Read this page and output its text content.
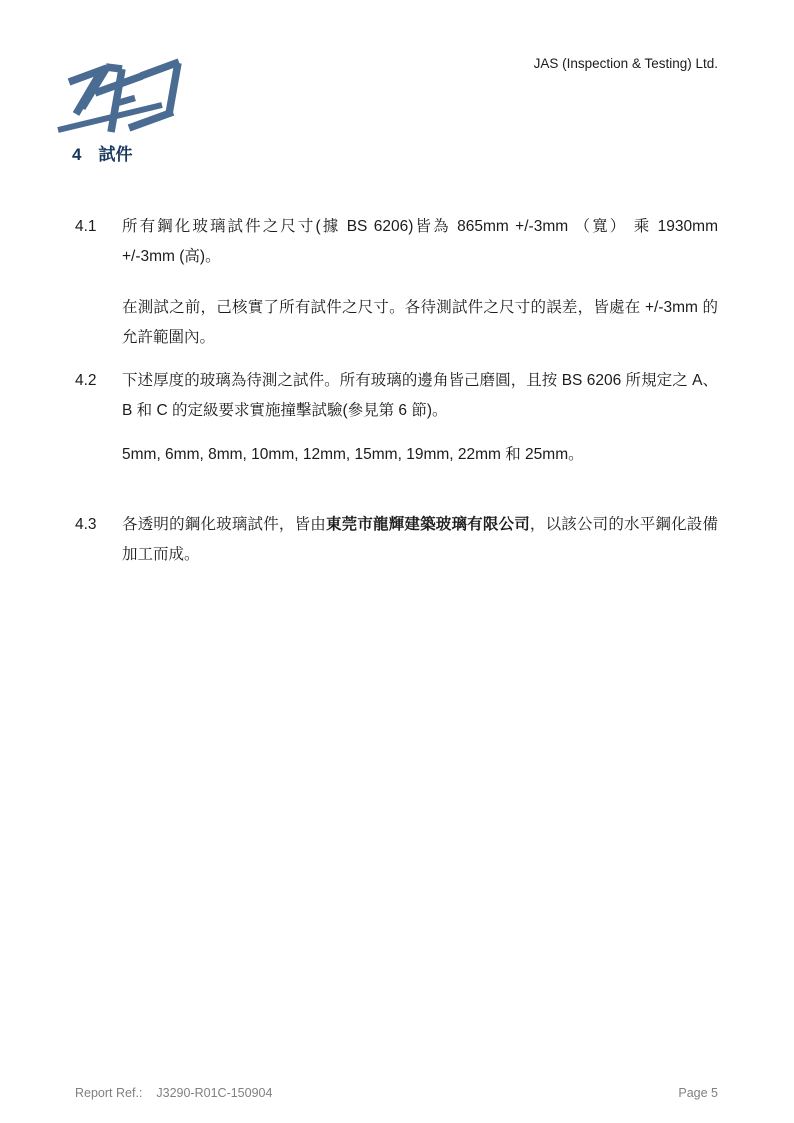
JAS (Inspection & Testing) Ltd.
4 試件
4.1 所有鋼化玻璃試件之尺寸(據 BS 6206)皆為 865mm +/-3mm （寬） 乘 1930mm +/-3mm (高)。
在測試之前，己核實了所有試件之尺寸。各待測試件之尺寸的誤差，皆處在 +/-3mm 的允許範圍內。
4.2 下述厚度的玻璃為待測之試件。所有玻璃的邊角皆己磨圓，且按 BS 6206 所規定之 A、B 和 C 的定級要求實施撞擊試驗(參見第 6 節)。
5mm, 6mm, 8mm, 10mm, 12mm, 15mm, 19mm, 22mm 和 25mm。
4.3 各透明的鋼化玻璃試件，皆由東莞市龍輝建築玻璃有限公司，以該公司的水平鋼化設備加工而成。
Report Ref.: J3290-R01C-150904	Page 5
